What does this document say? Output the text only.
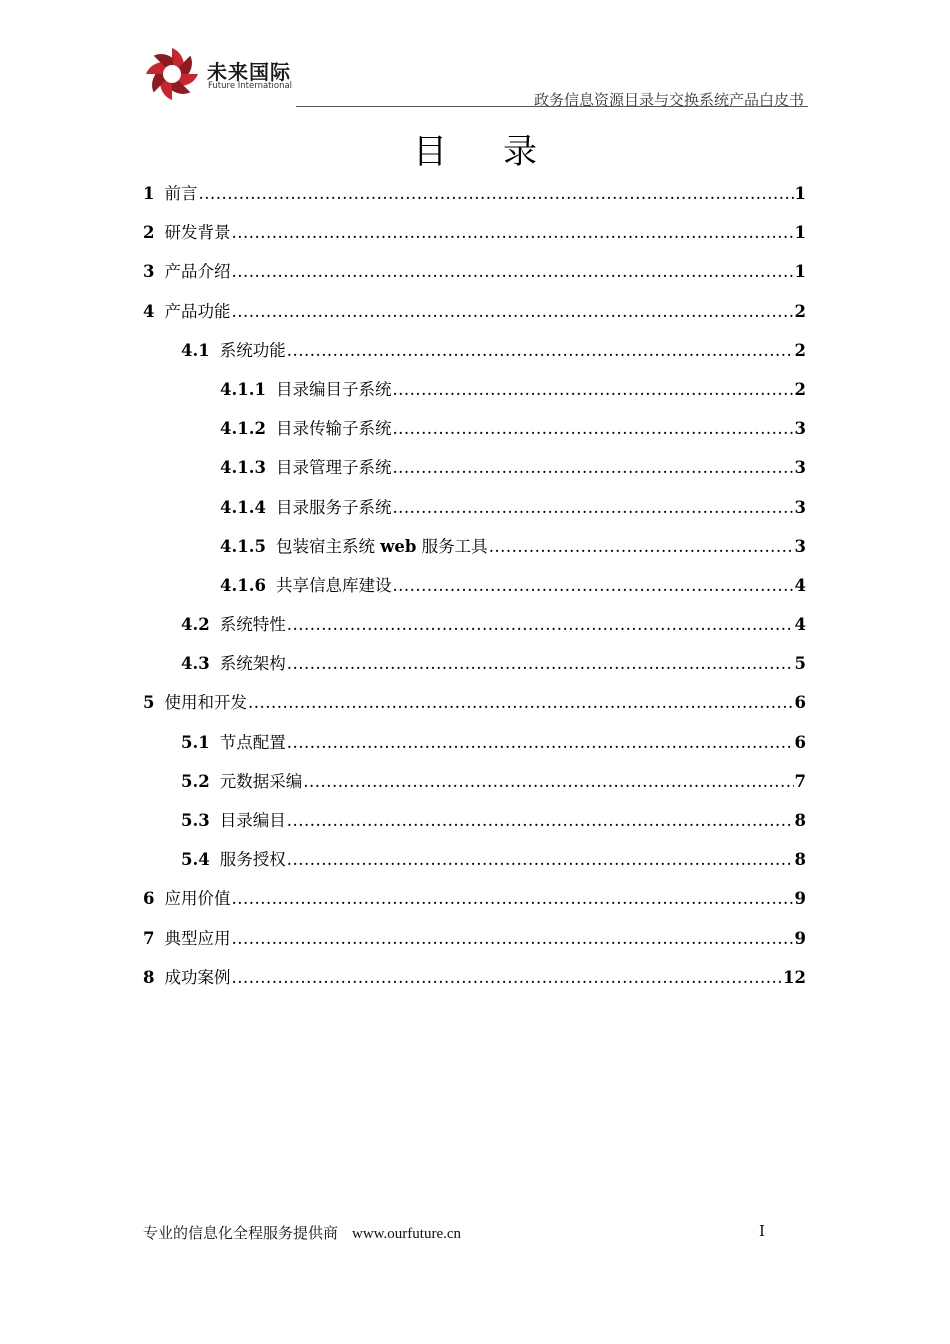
未来国际
Future International
政务信息资源目录与交换系统产品白皮书
目录
1 前言 .....	1
2 研发背景 .....	1
3 产品介绍 .....	1
4 产品功能 .....	2
4.1 系统功能 .....	2
4.1.1 目录编目子系统 .....	2
4.1.2 目录传输子系统 .....	3
4.1.3 目录管理子系统 .....	3
4.1.4 目录服务子系统 .....	3
4.1.5 包装宿主系统 web 服务工具 .....	3
4.1.6 共享信息库建设 .....	4
4.2 系统特性 .....	4
4.3 系统架构 .....	5
5 使用和开发 .....	6
5.1 节点配置 .....	6
5.2 元数据采编 .....	7
5.3 目录编目 .....	8
5.4 服务授权 .....	8
6 应用价值 .....	9
7 典型应用 .....	9
8 成功案例 .....	12
专业的信息化全程服务提供商 www.ourfuture.cn	I
